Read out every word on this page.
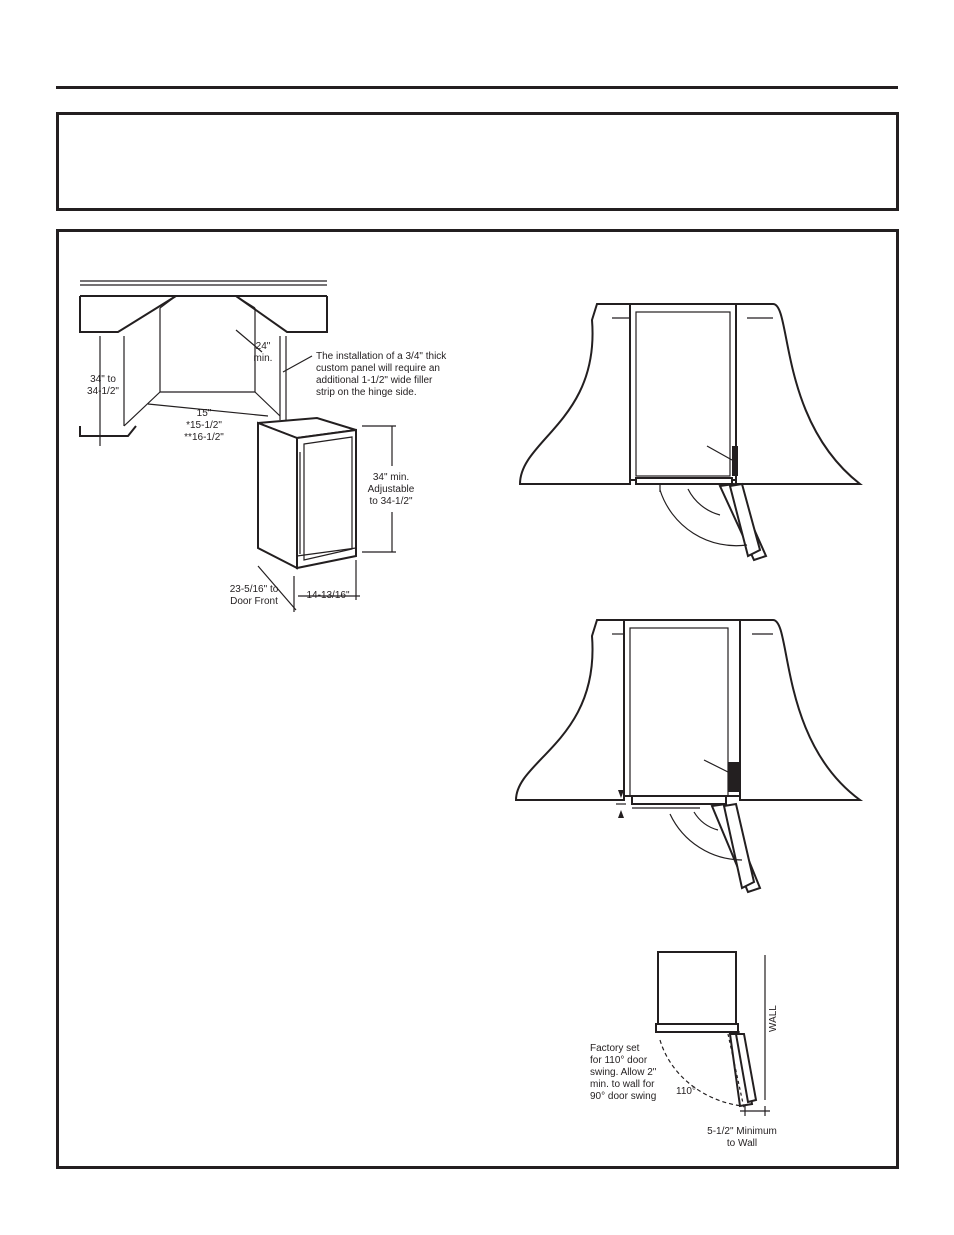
34" to
34-1/2"
24"
min.	The installation of a 3/4" thick
custom panel will require an
additional 1-1/2" wide filler
strip on the hinge side.
15"
*15-1/2"
**16-1/2"
34" min.
Adjustable
to 34-1/2"
23-5/16" to
Door Front
14-13/16"
WALL
110°
Factory set
for 110° door
swing. Allow 2"
min. to wall for
90° door swing
5-1/2" Minimum
to Wall
